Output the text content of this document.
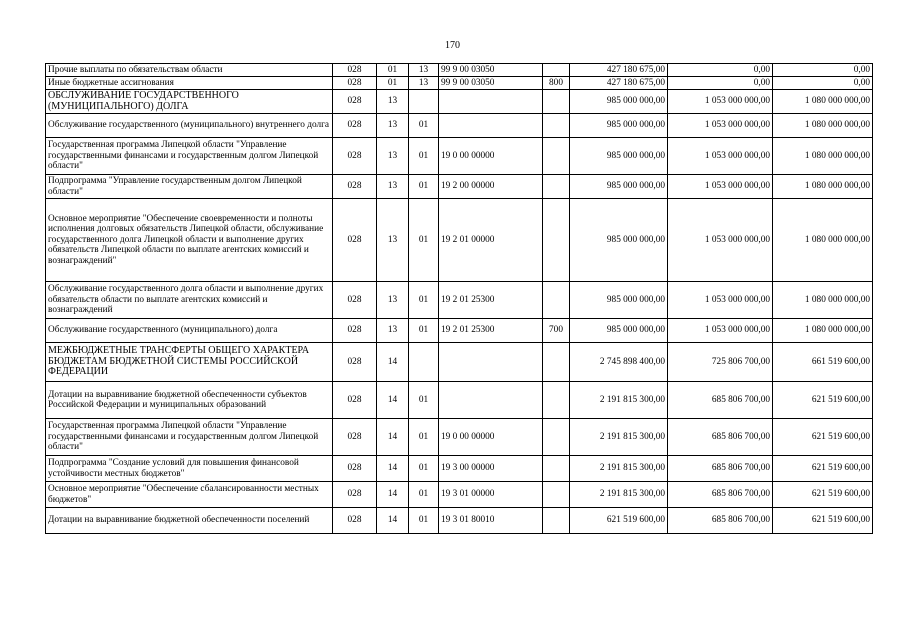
170
Прочие выплаты по обязательствам области	028	01	13	99 9 00 03050		427 180 675,00	0,00	0,00
Иные бюджетные ассигнования	028	01	13	99 9 00 03050	800	427 180 675,00	0,00	0,00
ОБСЛУЖИВАНИЕ ГОСУДАРСТВЕННОГО (МУНИЦИПАЛЬНОГО) ДОЛГА	028	13				985 000 000,00	1 053 000 000,00	1 080 000 000,00
Обслуживание государственного (муниципального) внутреннего долга	028	13	01			985 000 000,00	1 053 000 000,00	1 080 000 000,00
Государственная программа Липецкой области "Управление государственными финансами и государственным долгом Липецкой области"	028	13	01	19 0 00 00000		985 000 000,00	1 053 000 000,00	1 080 000 000,00
Подпрограмма "Управление государственным долгом Липецкой области"	028	13	01	19 2 00 00000		985 000 000,00	1 053 000 000,00	1 080 000 000,00
Основное мероприятие "Обеспечение своевременности и полноты исполнения долговых обязательств Липецкой области, обслуживание государственного долга Липецкой области и выполнение других обязательств Липецкой области по выплате агентских комиссий и вознаграждений"	028	13	01	19 2 01 00000		985 000 000,00	1 053 000 000,00	1 080 000 000,00
Обслуживание государственного долга области и выполнение других обязательств области по выплате агентских комиссий и вознаграждений	028	13	01	19 2 01 25300		985 000 000,00	1 053 000 000,00	1 080 000 000,00
Обслуживание государственного (муниципального) долга	028	13	01	19 2 01 25300	700	985 000 000,00	1 053 000 000,00	1 080 000 000,00
МЕЖБЮДЖЕТНЫЕ ТРАНСФЕРТЫ ОБЩЕГО ХАРАКТЕРА БЮДЖЕТАМ БЮДЖЕТНОЙ СИСТЕМЫ РОССИЙСКОЙ ФЕДЕРАЦИИ	028	14				2 745 898 400,00	725 806 700,00	661 519 600,00
Дотации на выравнивание бюджетной обеспеченности субъектов Российской Федерации и муниципальных образований	028	14	01			2 191 815 300,00	685 806 700,00	621 519 600,00
Государственная программа Липецкой области "Управление государственными финансами и государственным долгом Липецкой области"	028	14	01	19 0 00 00000		2 191 815 300,00	685 806 700,00	621 519 600,00
Подпрограмма "Создание условий для повышения финансовой устойчивости местных бюджетов"	028	14	01	19 3 00 00000		2 191 815 300,00	685 806 700,00	621 519 600,00
Основное мероприятие "Обеспечение сбалансированности местных бюджетов"	028	14	01	19 3 01 00000		2 191 815 300,00	685 806 700,00	621 519 600,00
Дотации на выравнивание бюджетной обеспеченности поселений	028	14	01	19 3 01 80010		621 519 600,00	685 806 700,00	621 519 600,00
